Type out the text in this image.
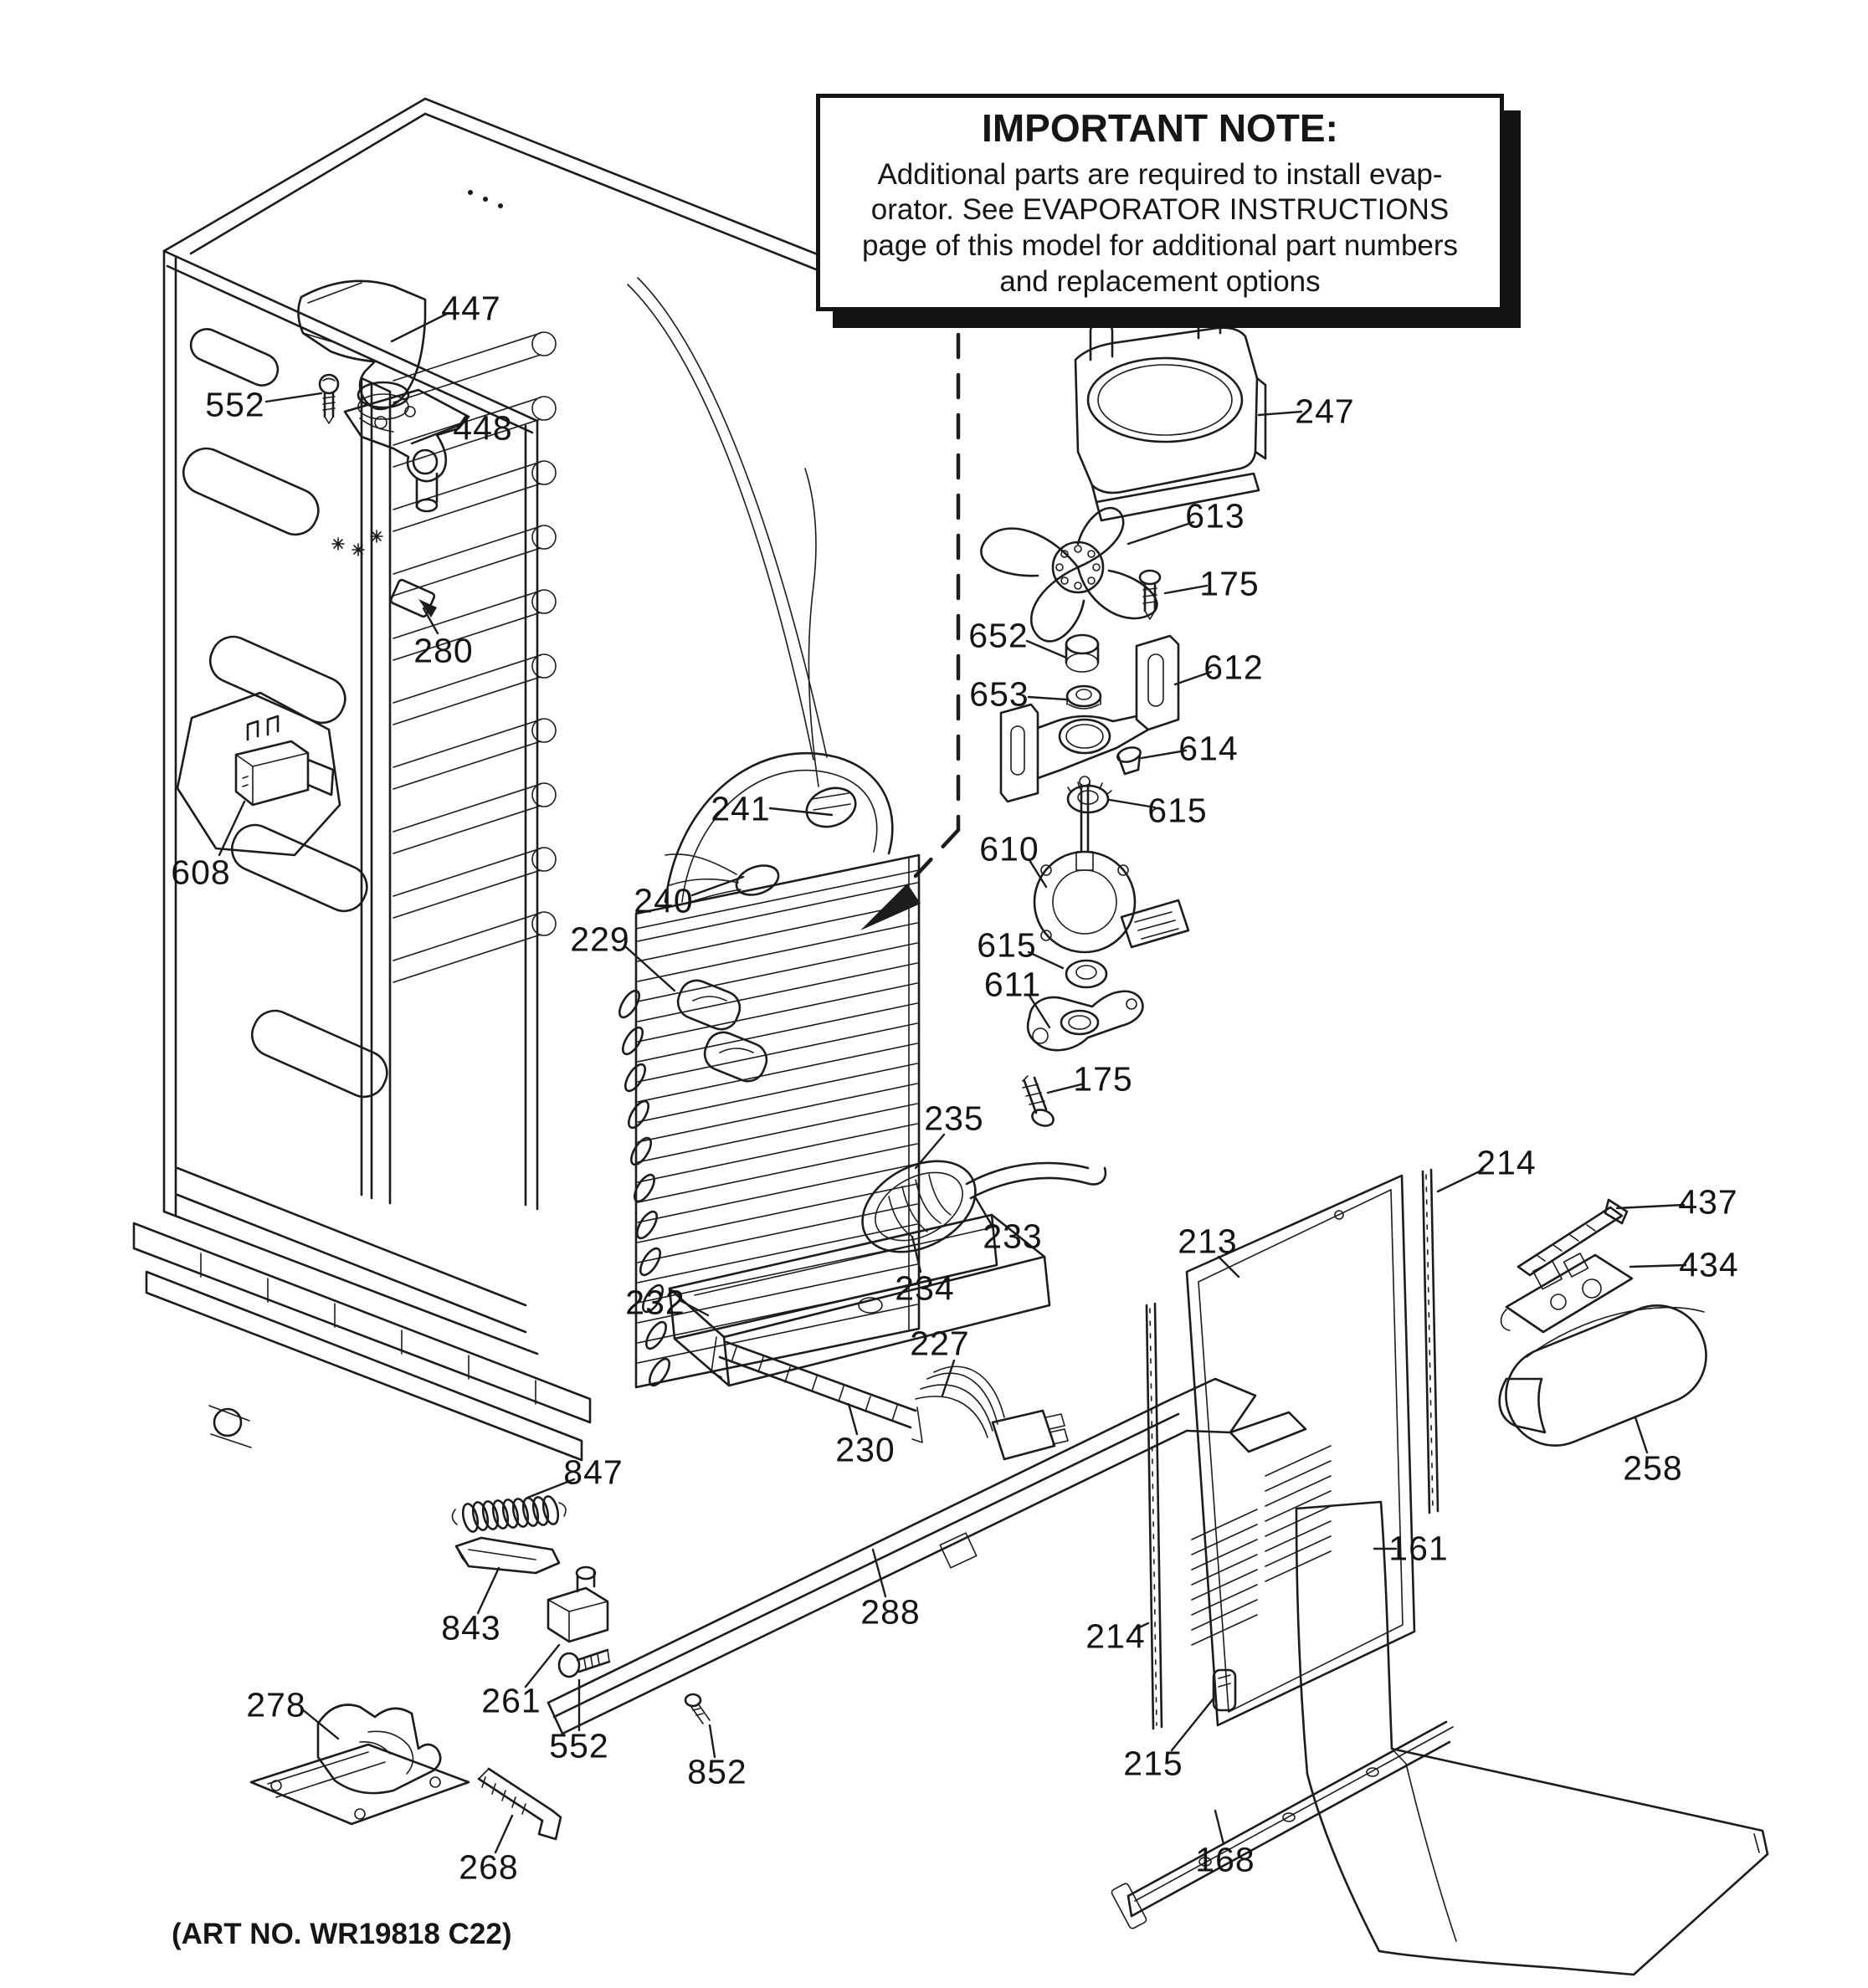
IMPORTANT NOTE:
Additional parts are required to install evap-
orator. See EVAPORATOR INSTRUCTIONS
page of this model for additional part numbers
and replacement options
447
552
448
280
608
241
240
229
652
653
612
614
615
610
615
611
175
175
247
613
235
233
234
232
227
230
288
847
843
261
552
852
278
268
213
214
214
215
168
161
258
437
434
(ART NO. WR19818 C22)
